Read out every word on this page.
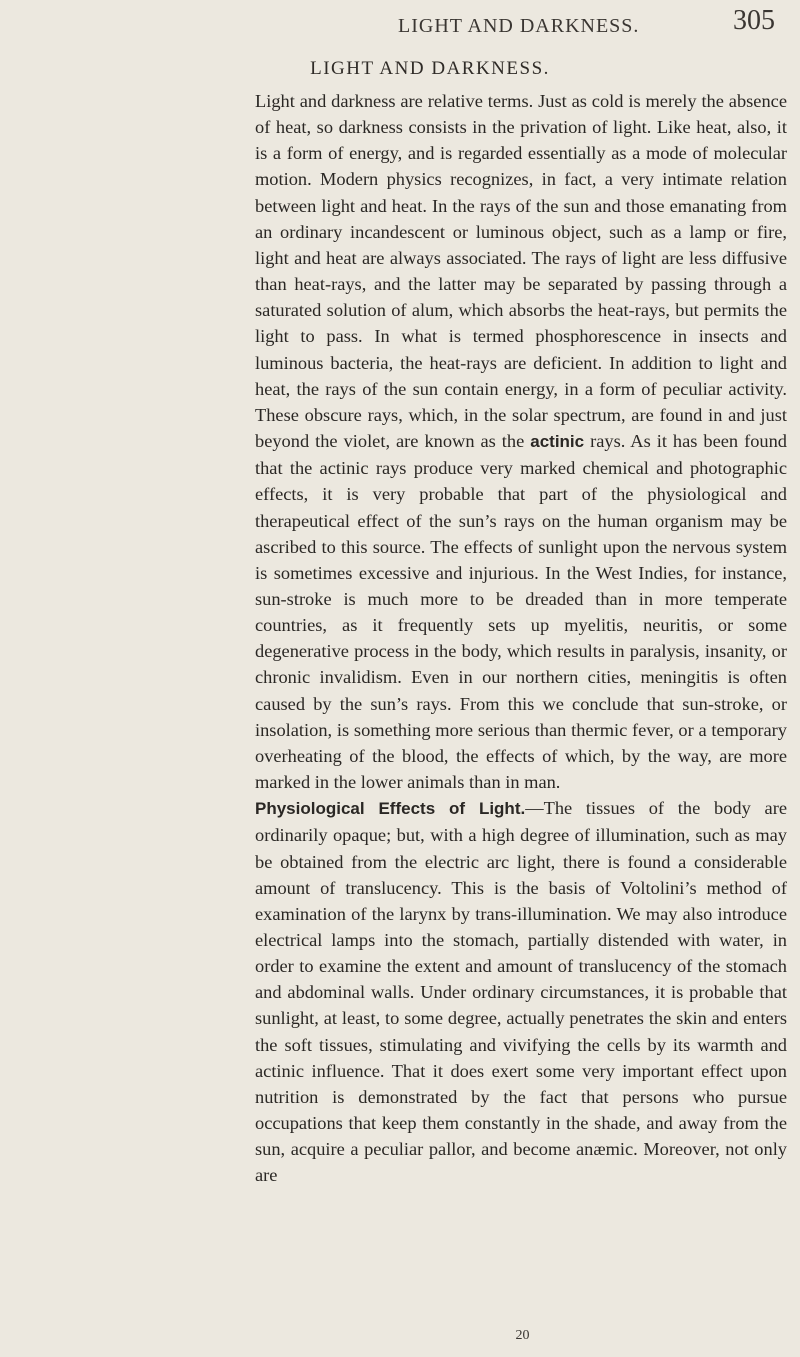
LIGHT AND DARKNESS.	305
LIGHT AND DARKNESS.

Light and darkness are relative terms. Just as cold is merely the absence of heat, so darkness consists in the privation of light. Like heat, also, it is a form of energy, and is regarded essentially as a mode of molecular motion. Modern physics recognizes, in fact, a very intimate relation between light and heat. In the rays of the sun and those emanating from an ordinary incandescent or luminous object, such as a lamp or fire, light and heat are always associated. The rays of light are less diffusive than heat-rays, and the latter may be separated by passing through a saturated solution of alum, which absorbs the heat-rays, but permits the light to pass. In what is termed phosphorescence in insects and luminous bacteria, the heat-rays are deficient. In addition to light and heat, the rays of the sun contain energy, in a form of peculiar activity. These obscure rays, which, in the solar spectrum, are found in and just beyond the violet, are known as the actinic rays. As it has been found that the actinic rays produce very marked chemical and photographic effects, it is very probable that part of the physiological and therapeutical effect of the sun’s rays on the human organism may be ascribed to this source. The effects of sunlight upon the nervous system is sometimes excessive and injurious. In the West Indies, for instance, sun-stroke is much more to be dreaded than in more temperate countries, as it frequently sets up myelitis, neuritis, or some degenerative process in the body, which results in paralysis, insanity, or chronic invalidism. Even in our northern cities, meningitis is often caused by the sun’s rays. From this we conclude that sun-stroke, or insolation, is something more serious than thermic fever, or a temporary overheating of the blood, the effects of which, by the way, are more marked in the lower animals than in man.

Physiological Effects of Light.—The tissues of the body are ordinarily opaque; but, with a high degree of illumination, such as may be obtained from the electric arc light, there is found a considerable amount of translucency. This is the basis of Voltolini’s method of examination of the larynx by trans-illumination. We may also introduce electrical lamps into the stomach, partially distended with water, in order to examine the extent and amount of translucency of the stomach and abdominal walls. Under ordinary circumstances, it is probable that sunlight, at least, to some degree, actually penetrates the skin and enters the soft tissues, stimulating and vivifying the cells by its warmth and actinic influence. That it does exert some very important effect upon nutrition is demonstrated by the fact that persons who pursue occupations that keep them constantly in the shade, and away from the sun, acquire a peculiar pallor, and become anæmic. Moreover, not only are

20
